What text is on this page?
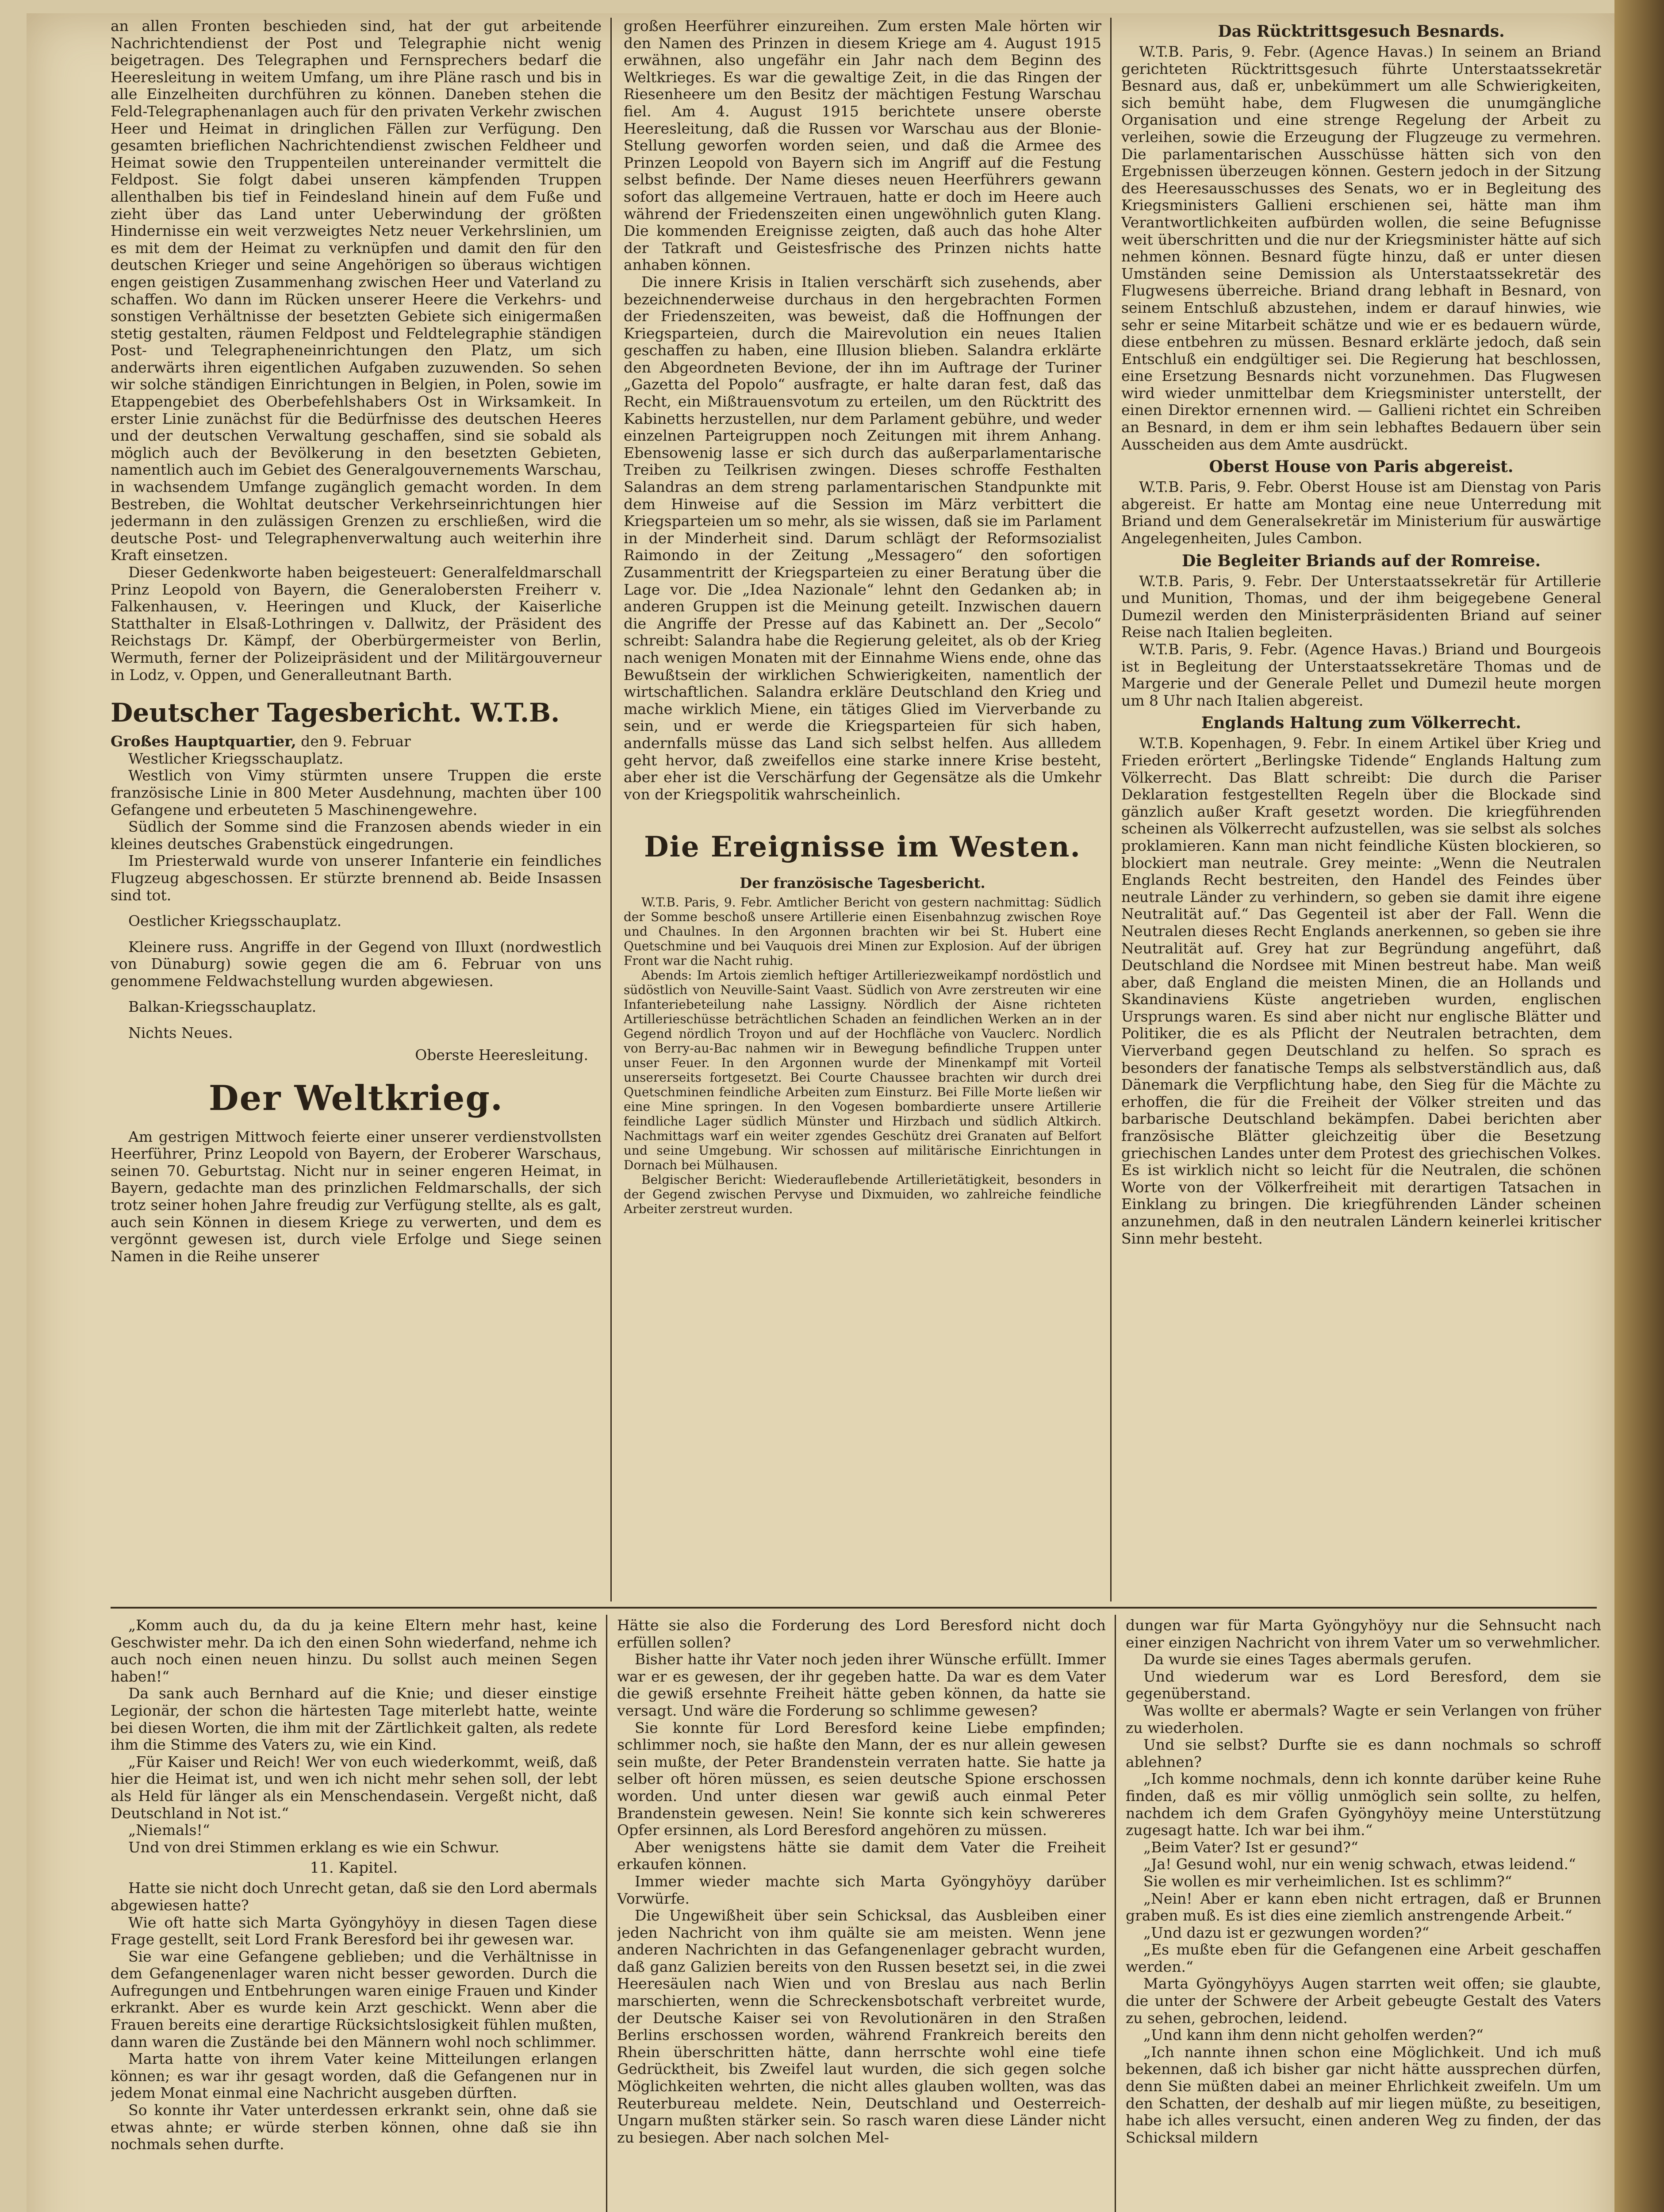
an allen Fronten beschieden sind, hat der gut arbeitende Nachrichtendienst der Post und Telegraphie nicht wenig beigetragen. Des Telegraphen und Fernsprechers bedarf die Heeresleitung in weitem Umfang, um ihre Pläne rasch und bis in alle Einzelheiten durchführen zu können. Daneben stehen die Feld-Telegraphenanlagen auch für den privaten Verkehr zwischen Heer und Heimat in dringlichen Fällen zur Verfügung. Den gesamten brieflichen Nachrichtendienst zwischen Feldheer und Heimat sowie den Truppenteilen untereinander vermittelt die Feldpost. Sie folgt dabei unseren kämpfenden Truppen allenthalben bis tief in Feindesland hinein auf dem Fuße und zieht über das Land unter Ueberwindung der größten Hindernisse ein weit verzweigtes Netz neuer Verkehrslinien, um es mit dem der Heimat zu verknüpfen und damit den für den deutschen Krieger und seine Angehörigen so überaus wichtigen engen geistigen Zusammenhang zwischen Heer und Vaterland zu schaffen. Wo dann im Rücken unserer Heere die Verkehrs- und sonstigen Verhältnisse der besetzten Gebiete sich einigermaßen stetig gestalten, räumen Feldpost und Feldtelegraphie ständigen Post- und Telegrapheneinrichtungen den Platz, um sich anderwärts ihren eigentlichen Aufgaben zuzuwenden. So sehen wir solche ständigen Einrichtungen in Belgien, in Polen, sowie im Etappengebiet des Oberbefehlshabers Ost in Wirksamkeit. In erster Linie zunächst für die Bedürfnisse des deutschen Heeres und der deutschen Verwaltung geschaffen, sind sie sobald als möglich auch der Bevölkerung in den besetzten Gebieten, namentlich auch im Gebiet des Generalgouvernements Warschau, in wachsendem Umfange zugänglich gemacht worden. In dem Bestreben, die Wohltat deutscher Verkehrseinrichtungen hier jedermann in den zulässigen Grenzen zu erschließen, wird die deutsche Post- und Telegraphenverwaltung auch weiterhin ihre Kraft einsetzen.

Dieser Gedenkworte haben beigesteuert: Generalfeldmarschall Prinz Leopold von Bayern, die Generalobersten Freiherr v. Falkenhausen, v. Heeringen und Kluck, der Kaiserliche Statthalter in Elsaß-Lothringen v. Dallwitz, der Präsident des Reichstags Dr. Kämpf, der Oberbürgermeister von Berlin, Wermuth, ferner der Polizeipräsident und der Militärgouverneur in Lodz, v. Oppen, und Generalleutnant Barth.

Deutscher Tagesbericht. W.T.B.

Großes Hauptquartier, den 9. Februar

Westlicher Kriegsschauplatz.

Westlich von Vimy stürmten unsere Truppen die erste französische Linie in 800 Meter Ausdehnung, machten über 100 Gefangene und erbeuteten 5 Maschinengewehre.

Südlich der Somme sind die Franzosen abends wieder in ein kleines deutsches Grabenstück eingedrungen.

Im Priesterwald wurde von unserer Infanterie ein feindliches Flugzeug abgeschossen. Er stürzte brennend ab. Beide Insassen sind tot.

Oestlicher Kriegsschauplatz.

Kleinere russ. Angriffe in der Gegend von Illuxt (nordwestlich von Dünaburg) sowie gegen die am 6. Februar von uns genommene Feldwachstellung wurden abgewiesen.

Balkan-Kriegsschauplatz.

Nichts Neues.

Oberste Heeresleitung.
Der Weltkrieg.

Am gestrigen Mittwoch feierte einer unserer verdienstvollsten Heerführer, Prinz Leopold von Bayern, der Eroberer Warschaus, seinen 70. Geburtstag. Nicht nur in seiner engeren Heimat, in Bayern, gedachte man des prinzlichen Feldmarschalls, der sich trotz seiner hohen Jahre freudig zur Verfügung stellte, als es galt, auch sein Können in diesem Kriege zu verwerten, und dem es vergönnt gewesen ist, durch viele Erfolge und Siege seinen Namen in die Reihe unserer

großen Heerführer einzureihen. Zum ersten Male hörten wir den Namen des Prinzen in diesem Kriege am 4. August 1915 erwähnen, also ungefähr ein Jahr nach dem Beginn des Weltkrieges. Es war die gewaltige Zeit, in die das Ringen der Riesenheere um den Besitz der mächtigen Festung Warschau fiel. Am 4. August 1915 berichtete unsere oberste Heeresleitung, daß die Russen vor Warschau aus der Blonie-Stellung geworfen worden seien, und daß die Armee des Prinzen Leopold von Bayern sich im Angriff auf die Festung selbst befinde. Der Name dieses neuen Heerführers gewann sofort das allgemeine Vertrauen, hatte er doch im Heere auch während der Friedenszeiten einen ungewöhnlich guten Klang. Die kommenden Ereignisse zeigten, daß auch das hohe Alter der Tatkraft und Geistesfrische des Prinzen nichts hatte anhaben können.

Die innere Krisis in Italien verschärft sich zusehends, aber bezeichnenderweise durchaus in den hergebrachten Formen der Friedenszeiten, was beweist, daß die Hoffnungen der Kriegsparteien, durch die Mairevolution ein neues Italien geschaffen zu haben, eine Illusion blieben. Salandra erklärte den Abgeordneten Bevione, der ihn im Auftrage der Turiner „Gazetta del Popolo“ ausfragte, er halte daran fest, daß das Recht, ein Mißtrauensvotum zu erteilen, um den Rücktritt des Kabinetts herzustellen, nur dem Parlament gebühre, und weder einzelnen Parteigruppen noch Zeitungen mit ihrem Anhang. Ebensowenig lasse er sich durch das außerparlamentarische Treiben zu Teilkrisen zwingen. Dieses schroffe Festhalten Salandras an dem streng parlamentarischen Standpunkte mit dem Hinweise auf die Session im März verbittert die Kriegsparteien um so mehr, als sie wissen, daß sie im Parlament in der Minderheit sind. Darum schlägt der Reformsozialist Raimondo in der Zeitung „Messagero“ den sofortigen Zusammentritt der Kriegsparteien zu einer Beratung über die Lage vor. Die „Idea Nazionale“ lehnt den Gedanken ab; in anderen Gruppen ist die Meinung geteilt. Inzwischen dauern die Angriffe der Presse auf das Kabinett an. Der „Secolo“ schreibt: Salandra habe die Regierung geleitet, als ob der Krieg nach wenigen Monaten mit der Einnahme Wiens ende, ohne das Bewußtsein der wirklichen Schwierigkeiten, namentlich der wirtschaftlichen. Salandra erkläre Deutschland den Krieg und mache wirklich Miene, ein tätiges Glied im Vierverbande zu sein, und er werde die Kriegsparteien für sich haben, andernfalls müsse das Land sich selbst helfen. Aus allledem geht hervor, daß zweifellos eine starke innere Krise besteht, aber eher ist die Verschärfung der Gegensätze als die Umkehr von der Kriegspolitik wahrscheinlich.

Die Ereignisse im Westen.
Der französische Tagesbericht.

W.T.B. Paris, 9. Febr. Amtlicher Bericht von gestern nachmittag: Südlich der Somme beschoß unsere Artillerie einen Eisenbahnzug zwischen Roye und Chaulnes. In den Argonnen brachten wir bei St. Hubert eine Quetschmine und bei Vauquois drei Minen zur Explosion. Auf der übrigen Front war die Nacht ruhig.

Abends: Im Artois ziemlich heftiger Artilleriezweikampf nordöstlich und südöstlich von Neuville-Saint Vaast. Südlich von Avre zerstreuten wir eine Infanteriebeteilung nahe Lassigny. Nördlich der Aisne richteten Artillerieschüsse beträchtlichen Schaden an feindlichen Werken an in der Gegend nördlich Troyon und auf der Hochfläche von Vauclerc. Nordlich von Berry-au-Bac nahmen wir in Bewegung befindliche Truppen unter unser Feuer. In den Argonnen wurde der Minenkampf mit Vorteil unsererseits fortgesetzt. Bei Courte Chaussee brachten wir durch drei Quetschminen feindliche Arbeiten zum Einsturz. Bei Fille Morte ließen wir eine Mine springen. In den Vogesen bombardierte unsere Artillerie feindliche Lager südlich Münster und Hirzbach und südlich Altkirch. Nachmittags warf ein weiter zgendes Geschütz drei Granaten auf Belfort und seine Umgebung. Wir schossen auf militärische Einrichtungen in Dornach bei Mülhausen.

Belgischer Bericht: Wiederauflebende Artillerietätigkeit, besonders in der Gegend zwischen Pervyse und Dixmuiden, wo zahlreiche feindliche Arbeiter zerstreut wurden.

Das Rücktrittsgesuch Besnards.

W.T.B. Paris, 9. Febr. (Agence Havas.) In seinem an Briand gerichteten Rücktrittsgesuch führte Unterstaatssekretär Besnard aus, daß er, unbekümmert um alle Schwierigkeiten, sich bemüht habe, dem Flugwesen die unumgängliche Organisation und eine strenge Regelung der Arbeit zu verleihen, sowie die Erzeugung der Flugzeuge zu vermehren. Die parlamentarischen Ausschüsse hätten sich von den Ergebnissen überzeugen können. Gestern jedoch in der Sitzung des Heeresausschusses des Senats, wo er in Begleitung des Kriegsministers Gallieni erschienen sei, hätte man ihm Verantwortlichkeiten aufbürden wollen, die seine Befugnisse weit überschritten und die nur der Kriegsminister hätte auf sich nehmen können. Besnard fügte hinzu, daß er unter diesen Umständen seine Demission als Unterstaatssekretär des Flugwesens überreiche. Briand drang lebhaft in Besnard, von seinem Entschluß abzustehen, indem er darauf hinwies, wie sehr er seine Mitarbeit schätze und wie er es bedauern würde, diese entbehren zu müssen. Besnard erklärte jedoch, daß sein Entschluß ein endgültiger sei. Die Regierung hat beschlossen, eine Ersetzung Besnards nicht vorzunehmen. Das Flugwesen wird wieder unmittelbar dem Kriegsminister unterstellt, der einen Direktor ernennen wird. — Gallieni richtet ein Schreiben an Besnard, in dem er ihm sein lebhaftes Bedauern über sein Ausscheiden aus dem Amte ausdrückt.

Oberst House von Paris abgereist.

W.T.B. Paris, 9. Febr. Oberst House ist am Dienstag von Paris abgereist. Er hatte am Montag eine neue Unterredung mit Briand und dem Generalsekretär im Ministerium für auswärtige Angelegenheiten, Jules Cambon.

Die Begleiter Briands auf der Romreise.

W.T.B. Paris, 9. Febr. Der Unterstaatssekretär für Artillerie und Munition, Thomas, und der ihm beigegebene General Dumezil werden den Ministerpräsidenten Briand auf seiner Reise nach Italien begleiten.

W.T.B. Paris, 9. Febr. (Agence Havas.) Briand und Bourgeois ist in Begleitung der Unterstaatssekretäre Thomas und de Margerie und der Generale Pellet und Dumezil heute morgen um 8 Uhr nach Italien abgereist.

Englands Haltung zum Völkerrecht.

W.T.B. Kopenhagen, 9. Febr. In einem Artikel über Krieg und Frieden erörtert „Berlingske Tidende“ Englands Haltung zum Völkerrecht. Das Blatt schreibt: Die durch die Pariser Deklaration festgestellten Regeln über die Blockade sind gänzlich außer Kraft gesetzt worden. Die kriegführenden scheinen als Völkerrecht aufzustellen, was sie selbst als solches proklamieren. Kann man nicht feindliche Küsten blockieren, so blockiert man neutrale. Grey meinte: „Wenn die Neutralen Englands Recht bestreiten, den Handel des Feindes über neutrale Länder zu verhindern, so geben sie damit ihre eigene Neutralität auf.“ Das Gegenteil ist aber der Fall. Wenn die Neutralen dieses Recht Englands anerkennen, so geben sie ihre Neutralität auf. Grey hat zur Begründung angeführt, daß Deutschland die Nordsee mit Minen bestreut habe. Man weiß aber, daß England die meisten Minen, die an Hollands und Skandinaviens Küste angetrieben wurden, englischen Ursprungs waren. Es sind aber nicht nur englische Blätter und Politiker, die es als Pflicht der Neutralen betrachten, dem Vierverband gegen Deutschland zu helfen. So sprach es besonders der fanatische Temps als selbstverständlich aus, daß Dänemark die Verpflichtung habe, den Sieg für die Mächte zu erhoffen, die für die Freiheit der Völker streiten und das barbarische Deutschland bekämpfen. Dabei berichten aber französische Blätter gleichzeitig über die Besetzung griechischen Landes unter dem Protest des griechischen Volkes. Es ist wirklich nicht so leicht für die Neutralen, die schönen Worte von der Völkerfreiheit mit derartigen Tatsachen in Einklang zu bringen. Die kriegführenden Länder scheinen anzunehmen, daß in den neutralen Ländern keinerlei kritischer Sinn mehr besteht.

„Komm auch du, da du ja keine Eltern mehr hast, keine Geschwister mehr. Da ich den einen Sohn wiederfand, nehme ich auch noch einen neuen hinzu. Du sollst auch meinen Segen haben!“

Da sank auch Bernhard auf die Knie; und dieser einstige Legionär, der schon die härtesten Tage miterlebt hatte, weinte bei diesen Worten, die ihm mit der Zärtlichkeit galten, als redete ihm die Stimme des Vaters zu, wie ein Kind.

„Für Kaiser und Reich! Wer von euch wiederkommt, weiß, daß hier die Heimat ist, und wen ich nicht mehr sehen soll, der lebt als Held für länger als ein Menschendasein. Vergeßt nicht, daß Deutschland in Not ist.“

„Niemals!“

Und von drei Stimmen erklang es wie ein Schwur.

11. Kapitel.

Hatte sie nicht doch Unrecht getan, daß sie den Lord abermals abgewiesen hatte?

Wie oft hatte sich Marta Gyöngyhöyy in diesen Tagen diese Frage gestellt, seit Lord Frank Beresford bei ihr gewesen war.

Sie war eine Gefangene geblieben; und die Verhältnisse in dem Gefangenenlager waren nicht besser geworden. Durch die Aufregungen und Entbehrungen waren einige Frauen und Kinder erkrankt. Aber es wurde kein Arzt geschickt. Wenn aber die Frauen bereits eine derartige Rücksichtslosigkeit fühlen mußten, dann waren die Zustände bei den Männern wohl noch schlimmer.

Marta hatte von ihrem Vater keine Mitteilungen erlangen können; es war ihr gesagt worden, daß die Gefangenen nur in jedem Monat einmal eine Nachricht ausgeben dürften.

So konnte ihr Vater unterdessen erkrankt sein, ohne daß sie etwas ahnte; er würde sterben können, ohne daß sie ihn nochmals sehen durfte.

Hätte sie also die Forderung des Lord Beresford nicht doch erfüllen sollen?

Bisher hatte ihr Vater noch jeden ihrer Wünsche erfüllt. Immer war er es gewesen, der ihr gegeben hatte. Da war es dem Vater die gewiß ersehnte Freiheit hätte geben können, da hatte sie versagt. Und wäre die Forderung so schlimme gewesen?

Sie konnte für Lord Beresford keine Liebe empfinden; schlimmer noch, sie haßte den Mann, der es nur allein gewesen sein mußte, der Peter Brandenstein verraten hatte. Sie hatte ja selber oft hören müssen, es seien deutsche Spione erschossen worden. Und unter diesen war gewiß auch einmal Peter Brandenstein gewesen. Nein! Sie konnte sich kein schwereres Opfer ersinnen, als Lord Beresford angehören zu müssen.

Aber wenigstens hätte sie damit dem Vater die Freiheit erkaufen können.

Immer wieder machte sich Marta Gyöngyhöyy darüber Vorwürfe.

Die Ungewißheit über sein Schicksal, das Ausbleiben einer jeden Nachricht von ihm quälte sie am meisten. Wenn jene anderen Nachrichten in das Gefangenenlager gebracht wurden, daß ganz Galizien bereits von den Russen besetzt sei, in die zwei Heeresäulen nach Wien und von Breslau aus nach Berlin marschierten, wenn die Schreckensbotschaft verbreitet wurde, der Deutsche Kaiser sei von Revolutionären in den Straßen Berlins erschossen worden, während Frankreich bereits den Rhein überschritten hätte, dann herrschte wohl eine tiefe Gedrücktheit, bis Zweifel laut wurden, die sich gegen solche Möglichkeiten wehrten, die nicht alles glauben wollten, was das Reuterbureau meldete. Nein, Deutschland und Oesterreich-Ungarn mußten stärker sein. So rasch waren diese Länder nicht zu besiegen. Aber nach solchen Mel-

dungen war für Marta Gyöngyhöyy nur die Sehnsucht nach einer einzigen Nachricht von ihrem Vater um so verwehmlicher.

Da wurde sie eines Tages abermals gerufen.

Und wiederum war es Lord Beresford, dem sie gegenüberstand.

Was wollte er abermals? Wagte er sein Verlangen von früher zu wiederholen.

Und sie selbst? Durfte sie es dann nochmals so schroff ablehnen?

„Ich komme nochmals, denn ich konnte darüber keine Ruhe finden, daß es mir völlig unmöglich sein sollte, zu helfen, nachdem ich dem Grafen Gyöngyhöyy meine Unterstützung zugesagt hatte. Ich war bei ihm.“

„Beim Vater? Ist er gesund?“

„Ja! Gesund wohl, nur ein wenig schwach, etwas leidend.“

Sie wollen es mir verheimlichen. Ist es schlimm?“

„Nein! Aber er kann eben nicht ertragen, daß er Brunnen graben muß. Es ist dies eine ziemlich anstrengende Arbeit.“

„Und dazu ist er gezwungen worden?“

„Es mußte eben für die Gefangenen eine Arbeit geschaffen werden.“

Marta Gyöngyhöyys Augen starrten weit offen; sie glaubte, die unter der Schwere der Arbeit gebeugte Gestalt des Vaters zu sehen, gebrochen, leidend.

„Und kann ihm denn nicht geholfen werden?“

„Ich nannte ihnen schon eine Möglichkeit. Und ich muß bekennen, daß ich bisher gar nicht hätte aussprechen dürfen, denn Sie müßten dabei an meiner Ehrlichkeit zweifeln. Um um den Schatten, der deshalb auf mir liegen müßte, zu beseitigen, habe ich alles versucht, einen anderen Weg zu finden, der das Schicksal mildern
